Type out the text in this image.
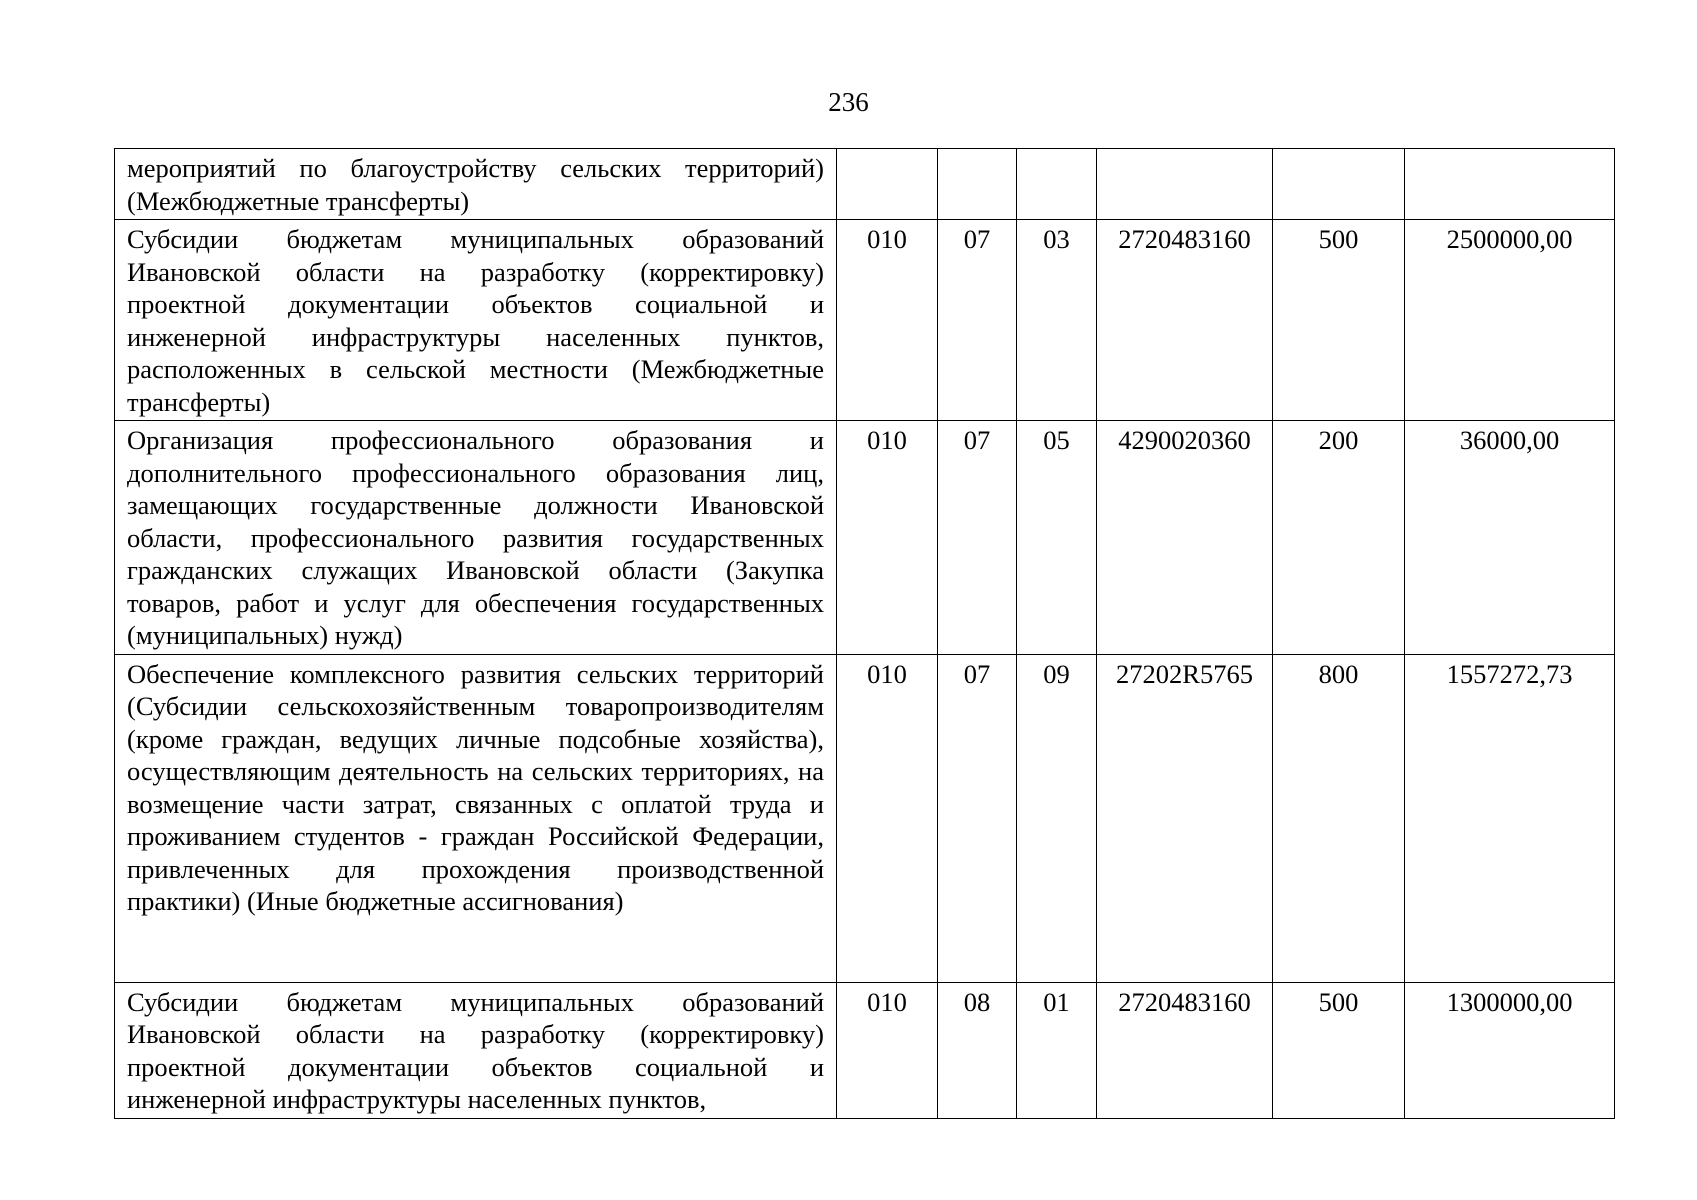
236
мероприятий по благоустройству сельских территорий) (Межбюджетные трансферты)						
Субсидии бюджетам муниципальных образований Ивановской области на разработку (корректировку) проектной документации объектов социальной и инженерной инфраструктуры населенных пунктов, расположенных в сельской местности (Межбюджетные трансферты)	010	07	03	2720483160	500	2500000,00
Организация профессионального образования и дополнительного профессионального образования лиц, замещающих государственные должности Ивановской области, профессионального развития государственных гражданских служащих Ивановской области (Закупка товаров, работ и услуг для обеспечения государственных (муниципальных) нужд)	010	07	05	4290020360	200	36000,00
Обеспечение комплексного развития сельских территорий (Субсидии сельскохозяйственным товаропроизводителям (кроме граждан, ведущих личные подсобные хозяйства), осуществляющим деятельность на сельских территориях, на возмещение части затрат, связанных с оплатой труда и проживанием студентов - граждан Российской Федерации, привлеченных для прохождения производственной практики) (Иные бюджетные ассигнования)	010	07	09	27202R5765	800	1557272,73
Субсидии бюджетам муниципальных образований Ивановской области на разработку (корректировку) проектной документации объектов социальной и инженерной инфраструктуры населенных пунктов,	010	08	01	2720483160	500	1300000,00
